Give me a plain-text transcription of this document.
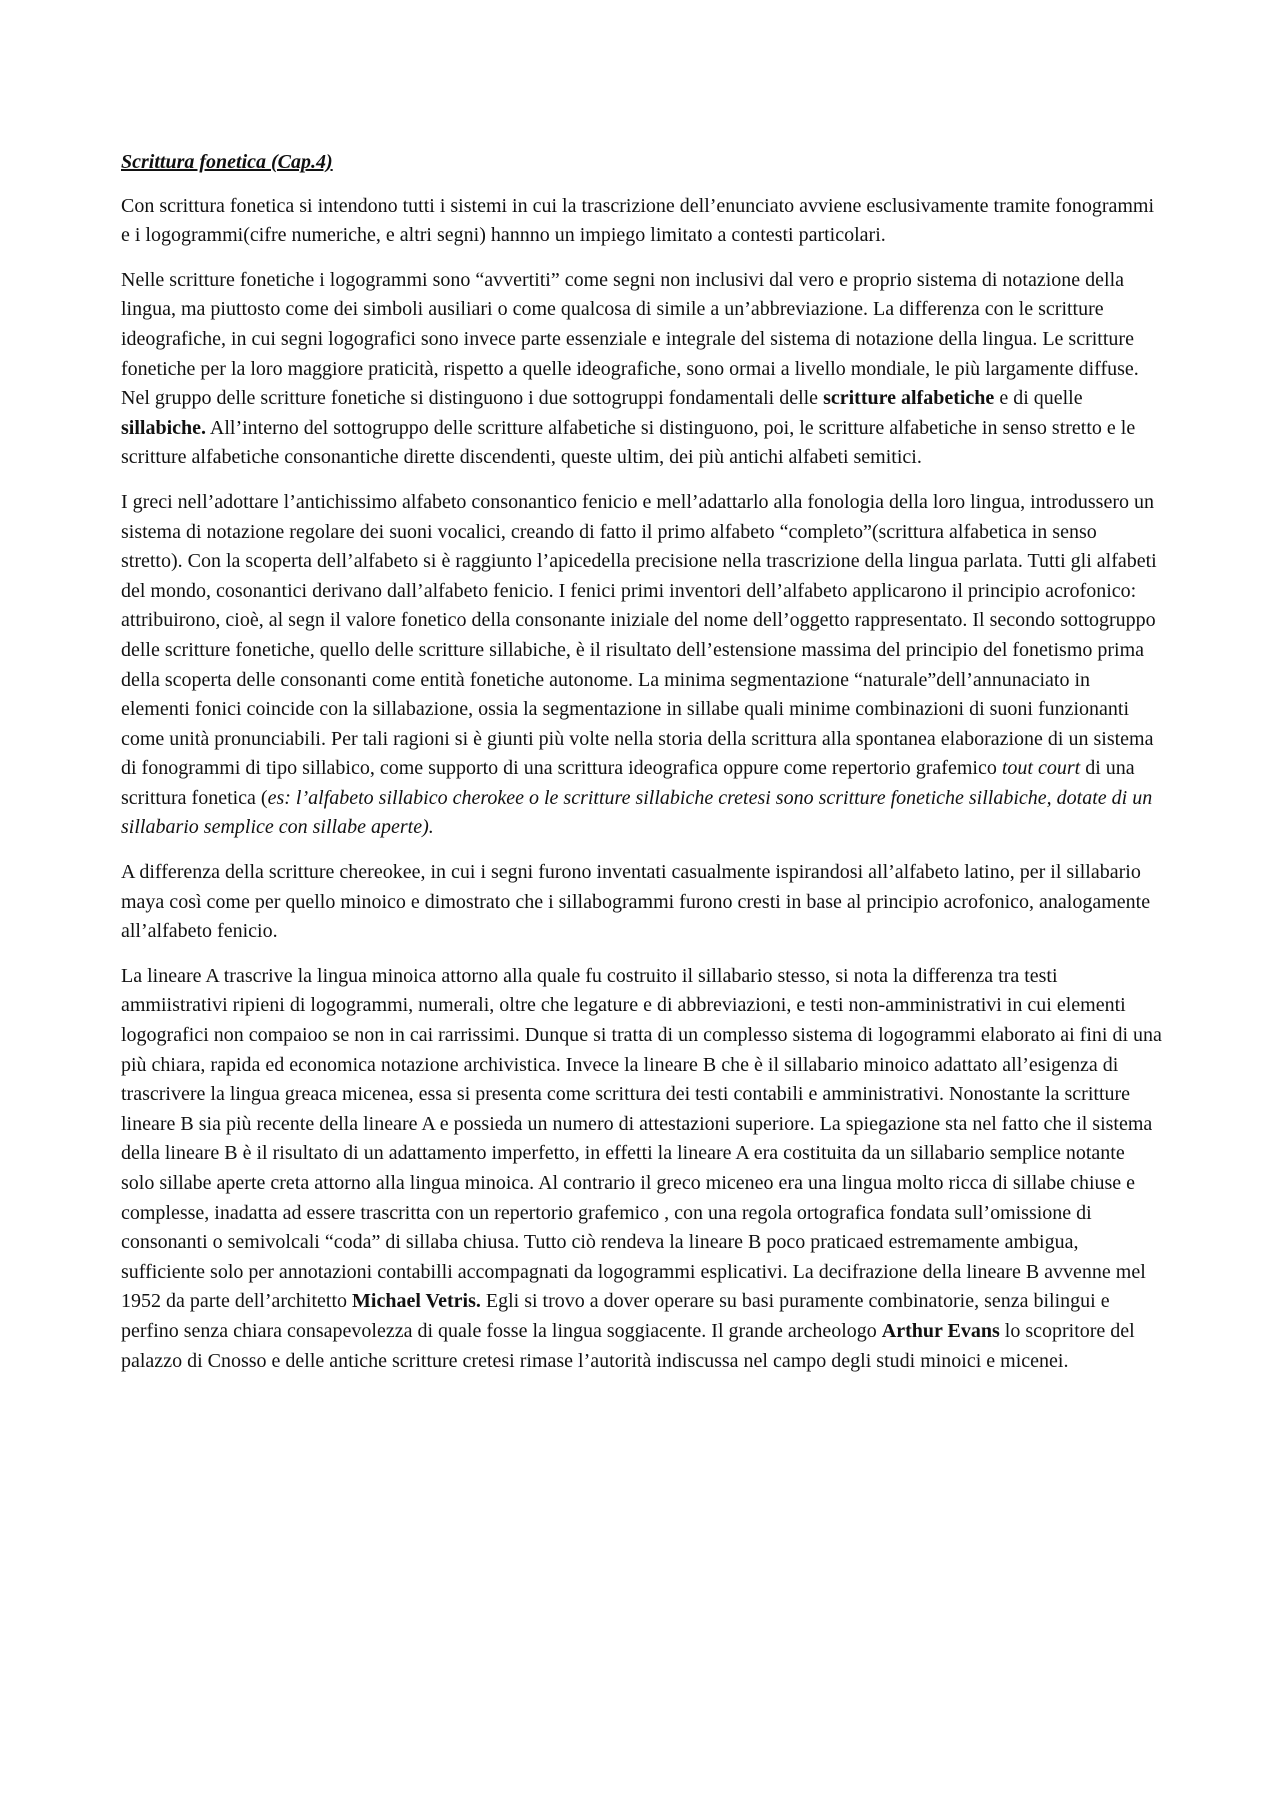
Scrittura fonetica (Cap.4)

Con scrittura fonetica si intendono tutti i sistemi in cui la trascrizione dell’enunciato avviene esclusivamente tramite fonogrammi e i logogrammi(cifre numeriche, e altri segni) hannno un impiego limitato a contesti particolari.

Nelle scritture fonetiche i logogrammi sono “avvertiti” come segni non inclusivi dal vero e proprio sistema di notazione della lingua, ma piuttosto come dei simboli ausiliari o come qualcosa di simile a un’abbreviazione. La differenza con le scritture ideografiche, in cui segni logografici sono invece parte essenziale e integrale del sistema di notazione della lingua. Le scritture fonetiche per la loro maggiore praticità, rispetto a quelle ideografiche, sono ormai a livello mondiale, le più largamente diffuse. Nel gruppo delle scritture fonetiche si distinguono i due sottogruppi fondamentali delle scritture alfabetiche e di quelle sillabiche. All’interno del sottogruppo delle scritture alfabetiche si distinguono, poi, le scritture alfabetiche in senso stretto e le scritture alfabetiche consonantiche dirette discendenti, queste ultim, dei più antichi alfabeti semitici.

I greci nell’adottare l’antichissimo alfabeto consonantico fenicio e mell’adattarlo alla fonologia della loro lingua, introdussero un sistema di notazione regolare dei suoni vocalici, creando di fatto il primo alfabeto “completo”(scrittura alfabetica in senso stretto). Con la scoperta dell’alfabeto si è raggiunto l’apicedella precisione nella trascrizione della lingua parlata. Tutti gli alfabeti del mondo, cosonantici derivano dall’alfabeto fenicio. I fenici primi inventori dell’alfabeto applicarono il principio acrofonico: attribuirono, cioè, al segn il valore fonetico della consonante iniziale del nome dell’oggetto rappresentato. Il secondo sottogruppo delle scritture fonetiche, quello delle scritture sillabiche, è il risultato dell’estensione massima del principio del fonetismo prima della scoperta delle consonanti come entità fonetiche autonome. La minima segmentazione “naturale”dell’annunaciato in elementi fonici coincide con la sillabazione, ossia la segmentazione in sillabe quali minime combinazioni di suoni funzionanti come unità pronunciabili. Per tali ragioni si è giunti più volte nella storia della scrittura alla spontanea elaborazione di un sistema di fonogrammi di tipo sillabico, come supporto di una scrittura ideografica oppure come repertorio grafemico tout court di una scrittura fonetica (es: l’alfabeto sillabico cherokee o le scritture sillabiche cretesi sono scritture fonetiche sillabiche, dotate di un sillabario semplice con sillabe aperte).

A differenza della scritture chereokee, in cui i segni furono inventati casualmente ispirandosi all’alfabeto latino, per il sillabario maya così come per quello minoico e dimostrato che i sillabogrammi furono cresti in base al principio acrofonico, analogamente all’alfabeto fenicio.

La lineare A trascrive la lingua minoica attorno alla quale fu costruito il sillabario stesso, si nota la differenza tra testi ammiistrativi ripieni di logogrammi, numerali, oltre che legature e di abbreviazioni, e testi non-amministrativi in cui elementi logografici non compaioo se non in cai rarrissimi. Dunque si tratta di un complesso sistema di logogrammi elaborato ai fini di una più chiara, rapida ed economica notazione archivistica. Invece la lineare B che è il sillabario minoico adattato all’esigenza di trascrivere la lingua greaca micenea, essa si presenta come scrittura dei testi contabili e amministrativi. Nonostante la scritture lineare B sia più recente della lineare A e possieda un numero di attestazioni superiore. La spiegazione sta nel fatto che il sistema della lineare B è il risultato di un adattamento imperfetto, in effetti la lineare A era costituita da un sillabario semplice notante solo sillabe aperte creta attorno alla lingua minoica. Al contrario il greco miceneo era una lingua molto ricca di sillabe chiuse e complesse, inadatta ad essere trascritta con un repertorio grafemico , con una regola ortografica fondata sull’omissione di consonanti o semivolcali “coda” di sillaba chiusa. Tutto ciò rendeva la lineare B poco praticaed estremamente ambigua, sufficiente solo per annotazioni contabilli accompagnati da logogrammi esplicativi. La decifrazione della lineare B avvenne mel 1952 da parte dell’architetto Michael Vetris. Egli si trovo a dover operare su basi puramente combinatorie, senza bilingui e perfino senza chiara consapevolezza di quale fosse la lingua soggiacente. Il grande archeologo Arthur Evans lo scopritore del palazzo di Cnosso e delle antiche scritture cretesi rimase l’autorità indiscussa nel campo degli studi minoici e micenei.
